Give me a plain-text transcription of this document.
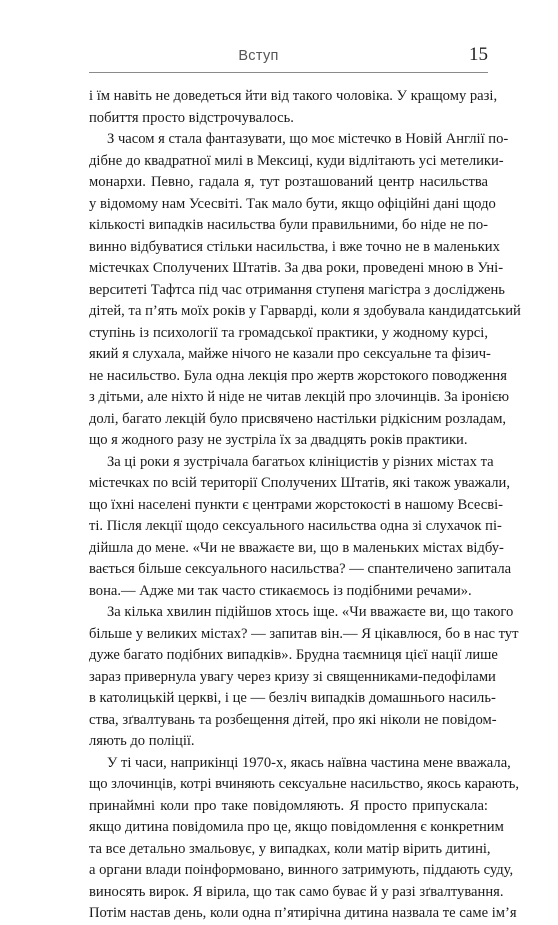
Вступ	15
і їм навіть не доведеться йти від такого чоловіка. У кращому разі,
побиття просто відстрочувалось.
З часом я стала фантазувати, що моє містечко в Новій Англії по-
дібне до квадратної милі в Мексиці, куди відлітають усі метелики-
монархи. Певно, гадала я, тут розташований центр насильства
у відомому нам Усесвіті. Так мало бути, якщо офіційні дані щодо
кількості випадків насильства були правильними, бо ніде не по-
винно відбуватися стільки насильства, і вже точно не в маленьких
містечках Сполучених Штатів. За два роки, проведені мною в Уні-
верситеті Тафтса під час отримання ступеня магістра з досліджень
дітей, та п’ять моїх років у Гарварді, коли я здобувала кандидатський
ступінь із психології та громадської практики, у жодному курсі,
який я слухала, майже нічого не казали про сексуальне та фізич-
не насильство. Була одна лекція про жертв жорстокого поводження
з дітьми, але ніхто й ніде не читав лекцій про злочинців. За іронією
долі, багато лекцій було присвячено настільки рідкісним розладам,
що я жодного разу не зустріла їх за двадцять років практики.
За ці роки я зустрічала багатьох клініцистів у різних містах та
містечках по всій території Сполучених Штатів, які також уважали,
що їхні населені пункти є центрами жорстокості в нашому Всесві-
ті. Після лекції щодо сексуального насильства одна зі слухачок пі-
дійшла до мене. «Чи не вважаєте ви, що в маленьких містах відбу-
вається більше сексуального насильства? — спантеличено запитала
вона.— Адже ми так часто стикаємось із подібними речами».
За кілька хвилин підійшов хтось іще. «Чи вважаєте ви, що такого
більше у великих містах? — запитав він.— Я цікавлюся, бо в нас тут
дуже багато подібних випадків». Брудна таємниця цієї нації лише
зараз привернула увагу через кризу зі священниками-педофілами
в католицькій церкві, і це — безліч випадків домашнього насиль-
ства, зґвалтувань та розбещення дітей, про які ніколи не повідом-
ляють до поліції.
У ті часи, наприкінці 1970-х, якась наївна частина мене вважала,
що злочинців, котрі вчиняють сексуальне насильство, якось карають,
принаймні коли про таке повідомляють. Я просто припускала:
якщо дитина повідомила про це, якщо повідомлення є конкретним
та все детально змальовує, у випадках, коли матір вірить дитині,
а органи влади поінформовано, винного затримують, піддають суду,
виносять вирок. Я вірила, що так само буває й у разі зґвалтування.
Потім настав день, коли одна п’ятирічна дитина назвала те саме ім’я
